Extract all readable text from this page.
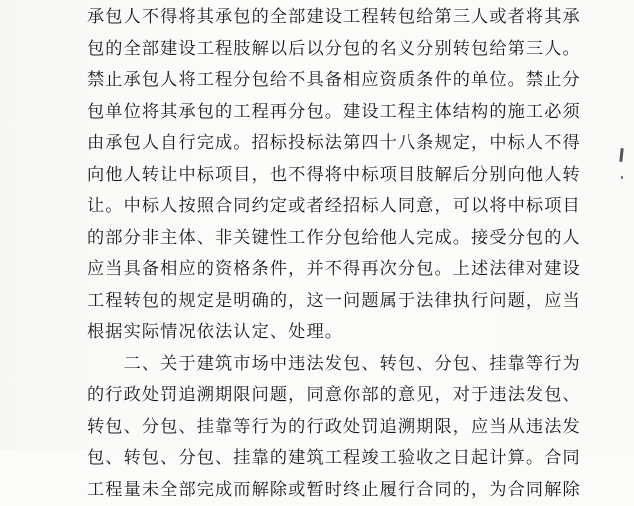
承包人不得将其承包的全部建设工程转包给第三人或者将其承
包的全部建设工程肢解以后以分包的名义分别转包给第三人。
禁止承包人将工程分包给不具备相应资质条件的单位。禁止分
包单位将其承包的工程再分包。建设工程主体结构的施工必须
由承包人自行完成。招标投标法第四十八条规定，中标人不得
向他人转让中标项目，也不得将中标项目肢解后分别向他人转
让。中标人按照合同约定或者经招标人同意，可以将中标项目
的部分非主体、非关键性工作分包给他人完成。接受分包的人
应当具备相应的资格条件，并不得再次分包。上述法律对建设
工程转包的规定是明确的，这一问题属于法律执行问题，应当
根据实际情况依法认定、处理。
　　二、关于建筑市场中违法发包、转包、分包、挂靠等行为
的行政处罚追溯期限问题，同意你部的意见，对于违法发包、
转包、分包、挂靠等行为的行政处罚追溯期限，应当从违法发
包、转包、分包、挂靠的建筑工程竣工验收之日起计算。合同
工程量未全部完成而解除或暂时终止履行合同的，为合同解除
